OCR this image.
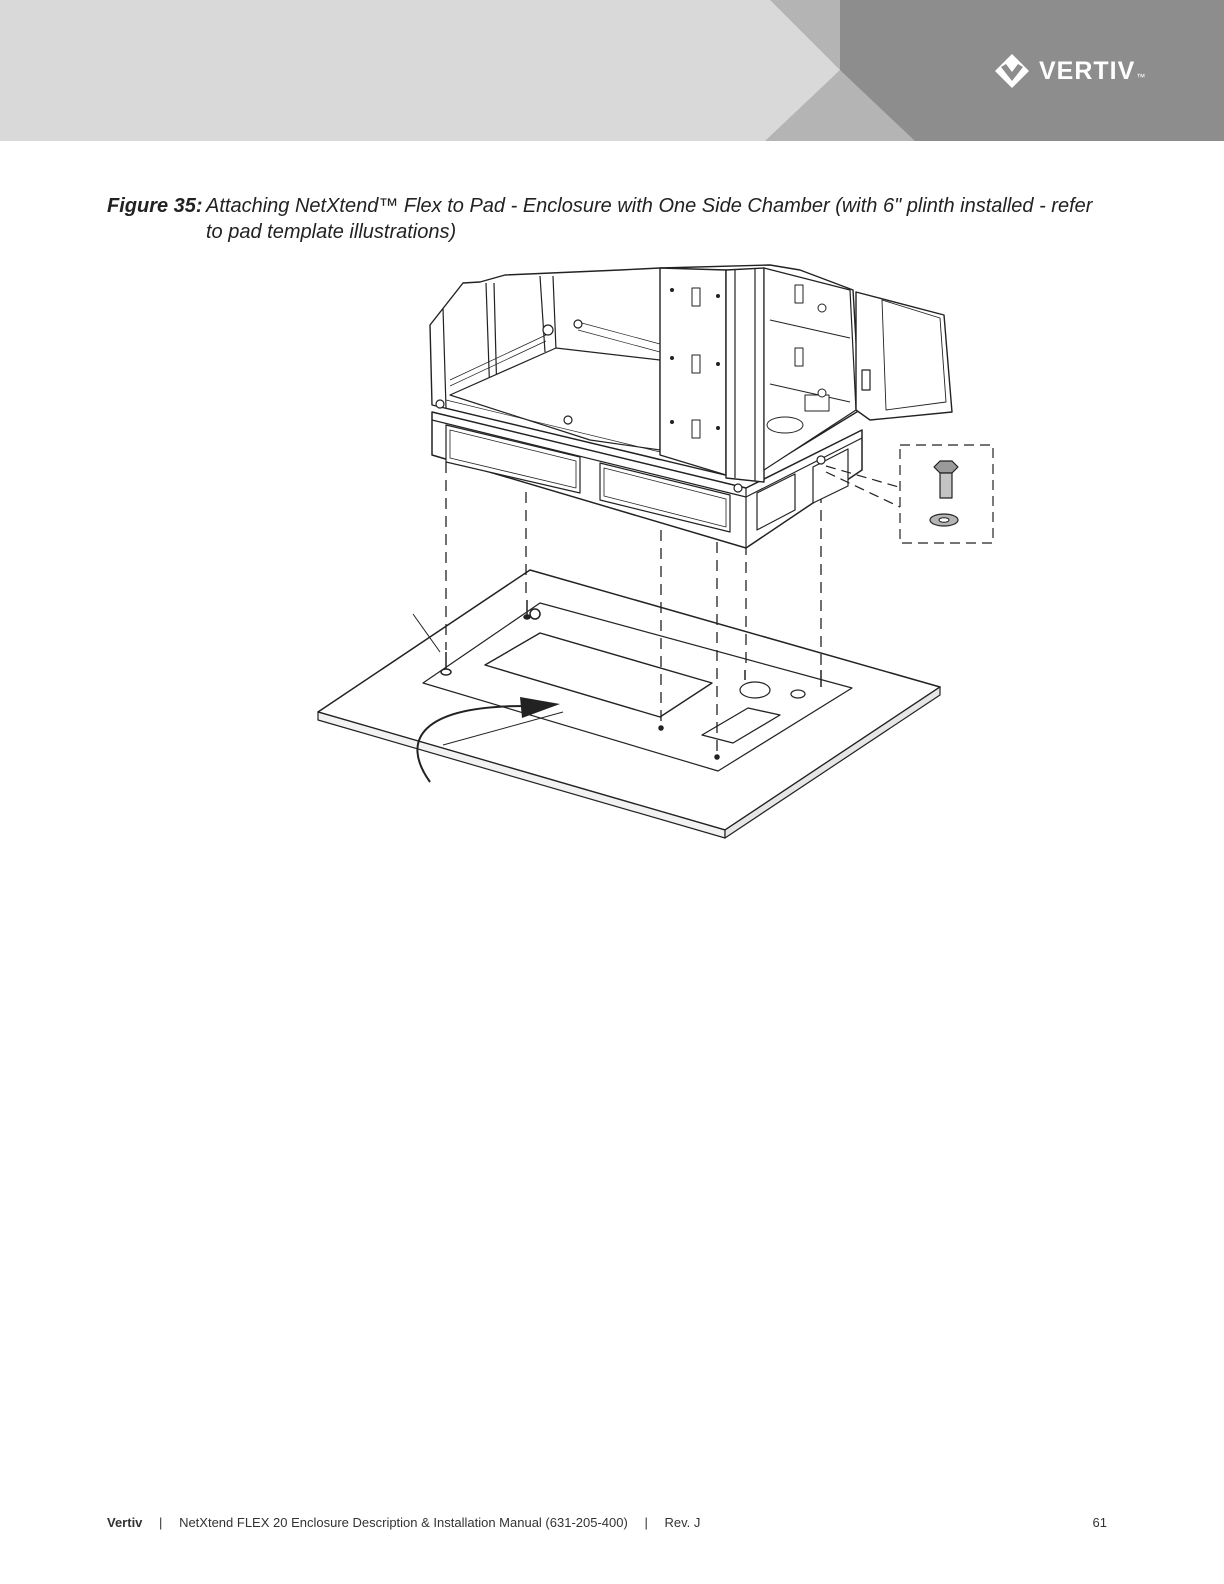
VERTIV ™
Figure 35: Attaching NetXtend™ Flex to Pad - Enclosure with One Side Chamber (with 6" plinth installed - refer
to pad template illustrations)
Vertiv | NetXtend FLEX 20 Enclosure Description & Installation Manual (631-205-400) | Rev. J	61
